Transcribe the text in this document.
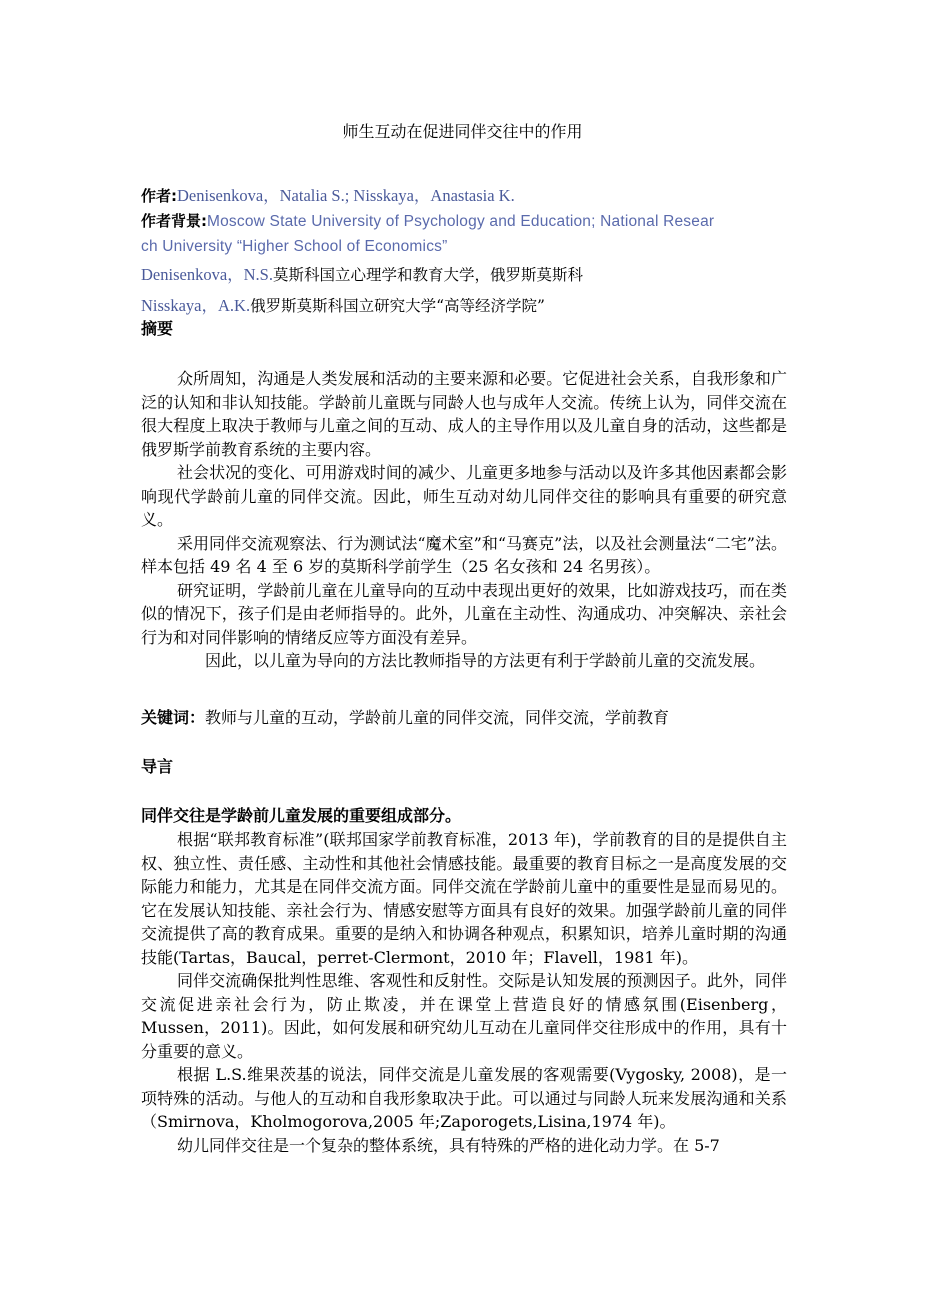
师生互动在促进同伴交往中的作用
作者:Denisenkova，Natalia S.; Nisskaya，Anastasia K.
作者背景:Moscow State University of Psychology and Education; National Resear
ch University “Higher School of Economics”
Denisenkova，N.S.莫斯科国立心理学和教育大学，俄罗斯莫斯科
Nisskaya，A.K.俄罗斯莫斯科国立研究大学“高等经济学院”
摘要

众所周知，沟通是人类发展和活动的主要来源和必要。它促进社会关系，自我形象和广泛的认知和非认知技能。学龄前儿童既与同龄人也与成年人交流。传统上认为，同伴交流在很大程度上取决于教师与儿童之间的互动、成人的主导作用以及儿童自身的活动，这些都是俄罗斯学前教育系统的主要内容。

社会状况的变化、可用游戏时间的减少、儿童更多地参与活动以及许多其他因素都会影响现代学龄前儿童的同伴交流。因此，师生互动对幼儿同伴交往的影响具有重要的研究意义。

采用同伴交流观察法、行为测试法“魔术室”和“马赛克”法，以及社会测量法“二宅”法。样本包括 49 名 4 至 6 岁的莫斯科学前学生（25 名女孩和 24 名男孩）。

研究证明，学龄前儿童在儿童导向的互动中表现出更好的效果，比如游戏技巧，而在类似的情况下，孩子们是由老师指导的。此外，儿童在主动性、沟通成功、冲突解决、亲社会行为和对同伴影响的情绪反应等方面没有差异。

因此，以儿童为导向的方法比教师指导的方法更有利于学龄前儿童的交流发展。

关键词：教师与儿童的互动，学龄前儿童的同伴交流，同伴交流，学前教育
导言
同伴交往是学龄前儿童发展的重要组成部分。

根据“联邦教育标准”(联邦国家学前教育标准，2013 年)，学前教育的目的是提供自主权、独立性、责任感、主动性和其他社会情感技能。最重要的教育目标之一是高度发展的交际能力和能力，尤其是在同伴交流方面。同伴交流在学龄前儿童中的重要性是显而易见的。它在发展认知技能、亲社会行为、情感安慰等方面具有良好的效果。加强学龄前儿童的同伴交流提供了高的教育成果。重要的是纳入和协调各种观点，积累知识，培养儿童时期的沟通技能(Tartas，Baucal，perret-Clermont，2010 年；Flavell，1981 年)。

同伴交流确保批判性思维、客观性和反射性。交际是认知发展的预测因子。此外，同伴交流促进亲社会行为，防止欺凌，并在课堂上营造良好的情感氛围(Eisenberg，Mussen，2011)。因此，如何发展和研究幼儿互动在儿童同伴交往形成中的作用，具有十分重要的意义。

根据 L.S.维果茨基的说法，同伴交流是儿童发展的客观需要(Vygosky, 2008)，是一项特殊的活动。与他人的互动和自我形象取决于此。可以通过与同龄人玩来发展沟通和关系（Smirnova，Kholmogorova,2005 年;Zaporogets,Lisina,1974 年)。

幼儿同伴交往是一个复杂的整体系统，具有特殊的严格的进化动力学。在 5-7
